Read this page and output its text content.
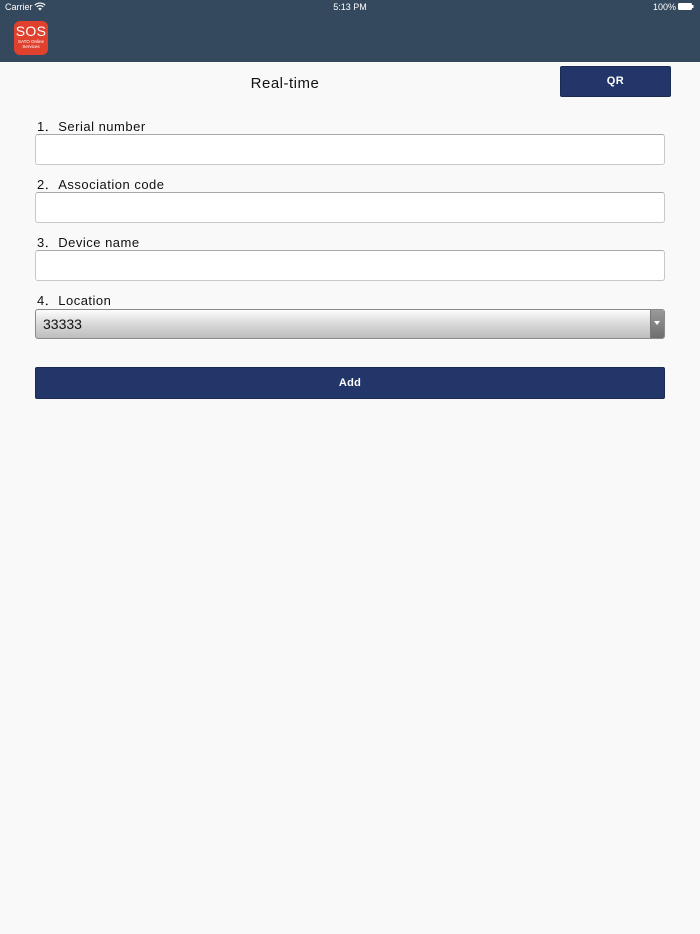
Carrier	5:13 PM	100%
SOS
SATO Online Services
Real-time	QR
1．Serial number
2．Association code
3．Device name
4．Location
33333
Add
